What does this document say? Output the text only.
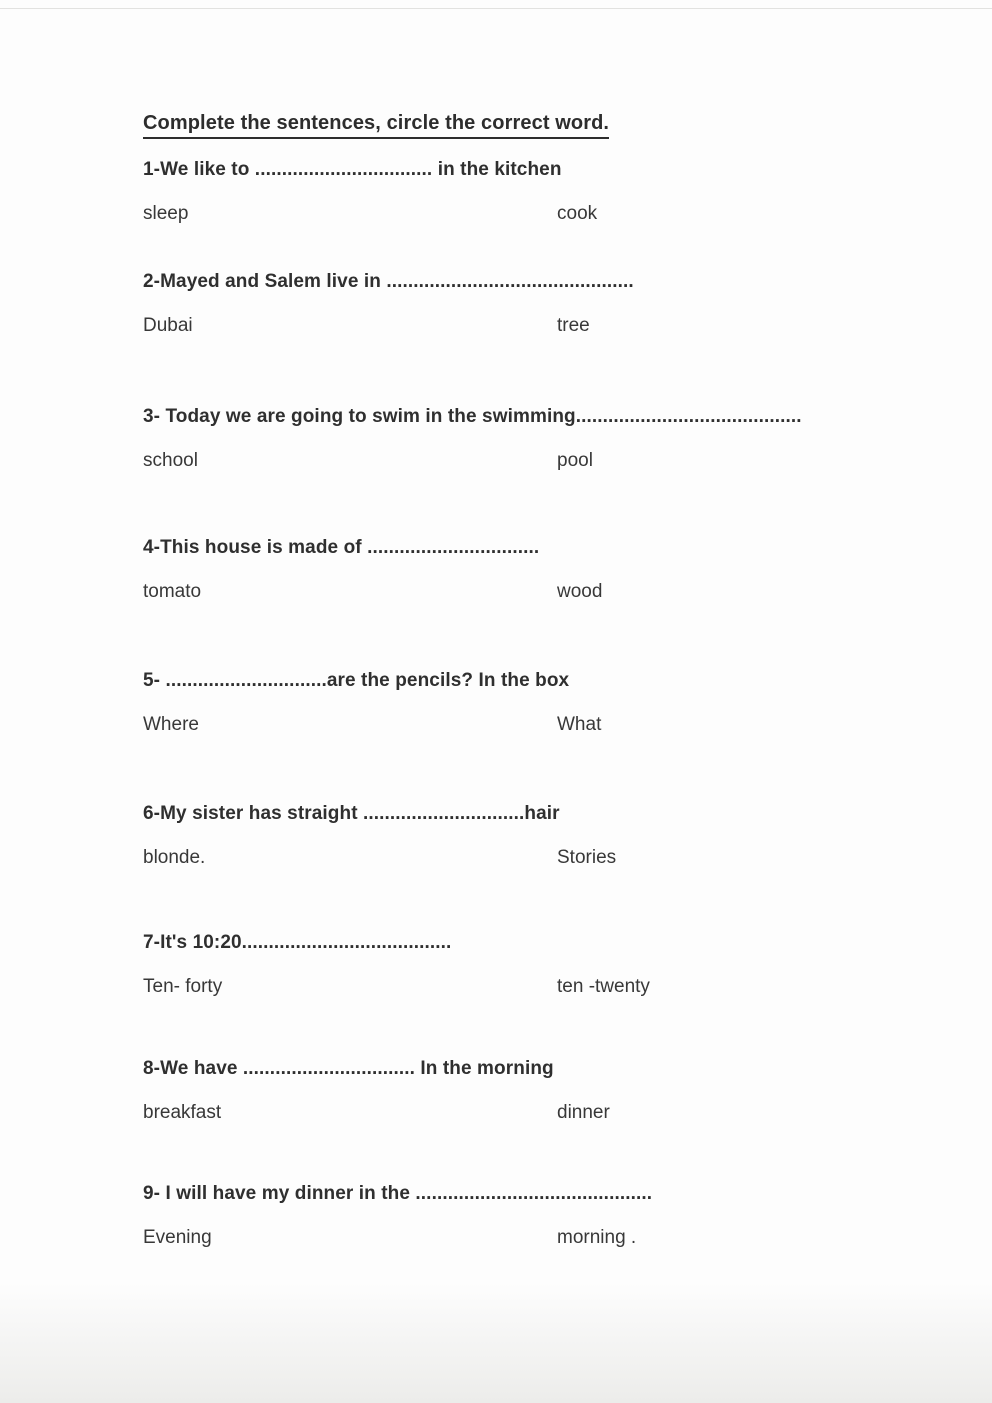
Complete the sentences, circle the correct word.
1-We like to ................................. in the kitchen
sleep	cook
2-Mayed and Salem live in ..............................................
Dubai	tree
3- Today we are going to swim in the swimming..........................................
school	pool
4-This house is made of ................................
tomato	wood
5- ..............................are the pencils? In the box
Where	What
6-My sister has straight ..............................hair
blonde.	Stories
7-It's 10:20.......................................
Ten- forty	ten -twenty
8-We have ................................ In the morning
breakfast	dinner
9- I will have my dinner in the ............................................
Evening	morning .
